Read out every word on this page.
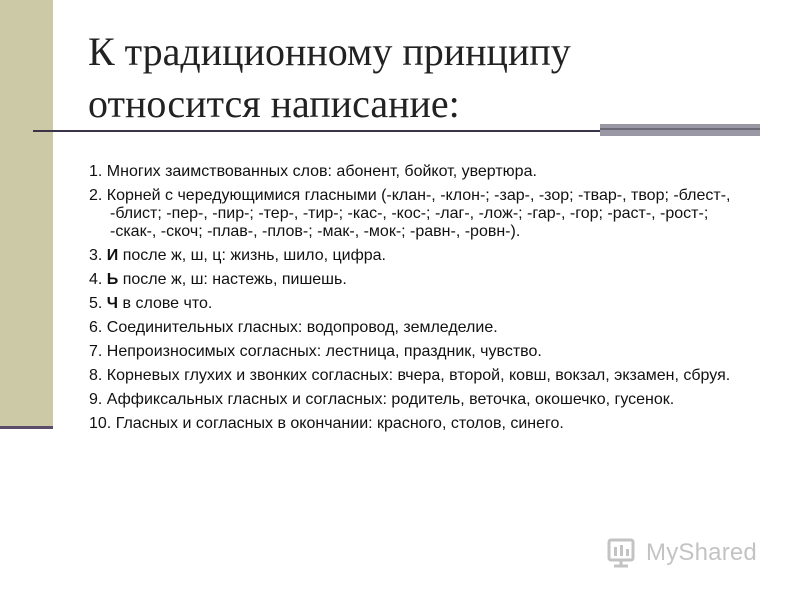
К традиционному принципу
относится написание:
1. Многих заимствованных слов: абонент, бойкот, увертюра.
2. Корней с чередующимися гласными (-клан-, -клон-; -зар-, -зор; -твар-, твор; -блест-, -блист; -пер-, -пир-; -тер-, -тир-; -кас-, -кос-; -лаг-, -лож-; -гар-, -гор; -раст-, -рост-; -скак-, -скоч; -плав-, -плов-; -мак-, -мок-; -равн-, -ровн-).
3. И после ж, ш, ц: жизнь, шило, цифра.
4. Ь после ж, ш: настежь, пишешь.
5. Ч в слове что.
6. Соединительных гласных: водопровод, земледелие.
7. Непроизносимых согласных: лестница, праздник, чувство.
8. Корневых глухих и звонких согласных: вчера, второй, ковш, вокзал, экзамен, сбруя.
9. Аффиксальных гласных и согласных: родитель, веточка, окошечко, гусенок.
10. Гласных и согласных в окончании: красного, столов, синего.
MyShared
